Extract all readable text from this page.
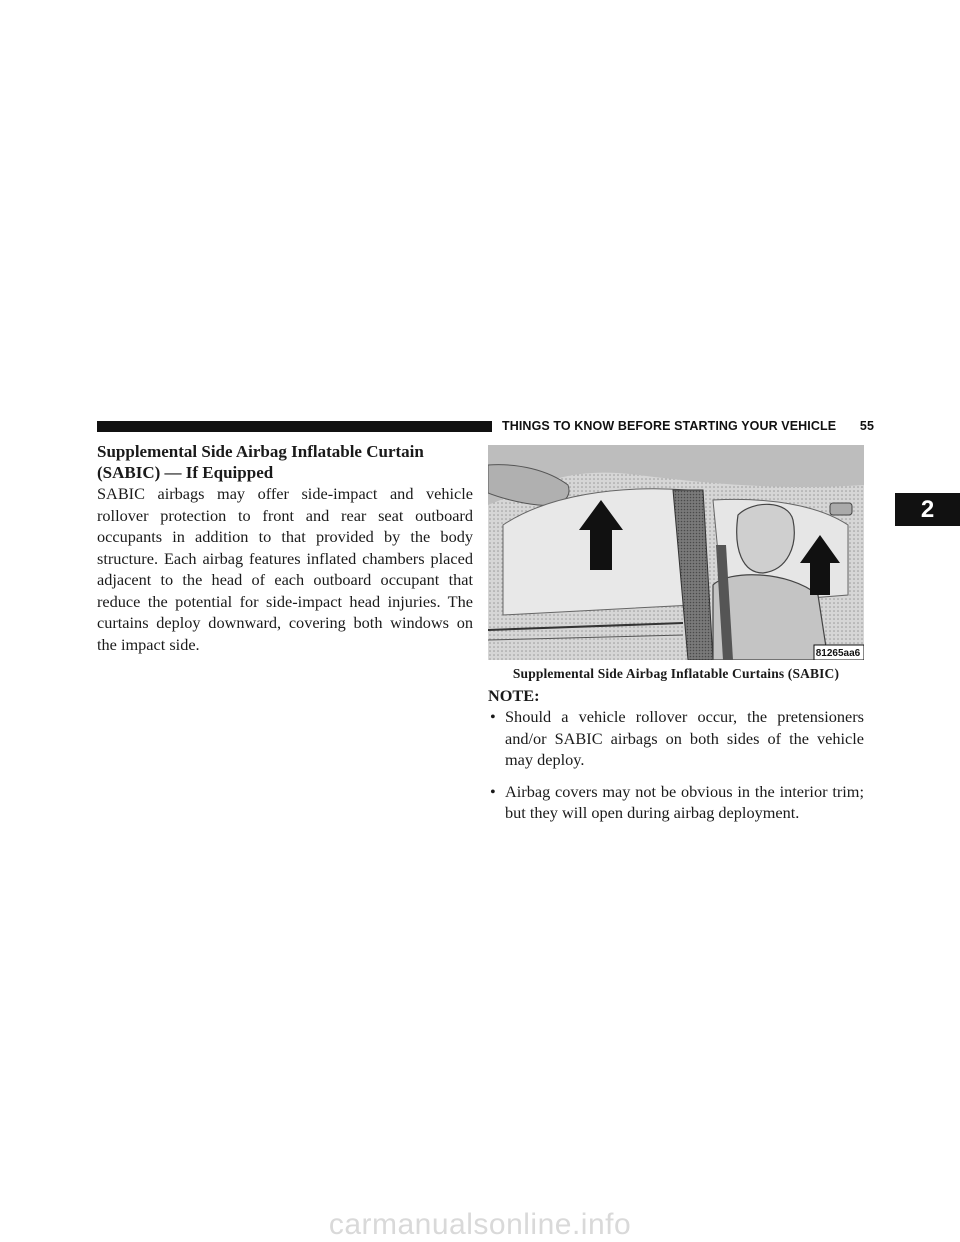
THINGS TO KNOW BEFORE STARTING YOUR VEHICLE 55
2
Supplemental Side Airbag Inflatable Curtain (SABIC) — If Equipped

SABIC airbags may offer side-impact and vehicle rollover protection to front and rear seat outboard occupants in addition to that provided by the body structure. Each airbag features inflated chambers placed adjacent to the head of each outboard occupant that reduce the potential for side-impact head injuries. The curtains deploy downward, covering both windows on the impact side.	81265aa6
Supplemental Side Airbag Inflatable Curtains (SABIC)

NOTE:

• Should a vehicle rollover occur, the pretensioners and/or SABIC airbags on both sides of the vehicle may deploy.
• Airbag covers may not be obvious in the interior trim; but they will open during airbag deployment.
carmanualsonline.info
